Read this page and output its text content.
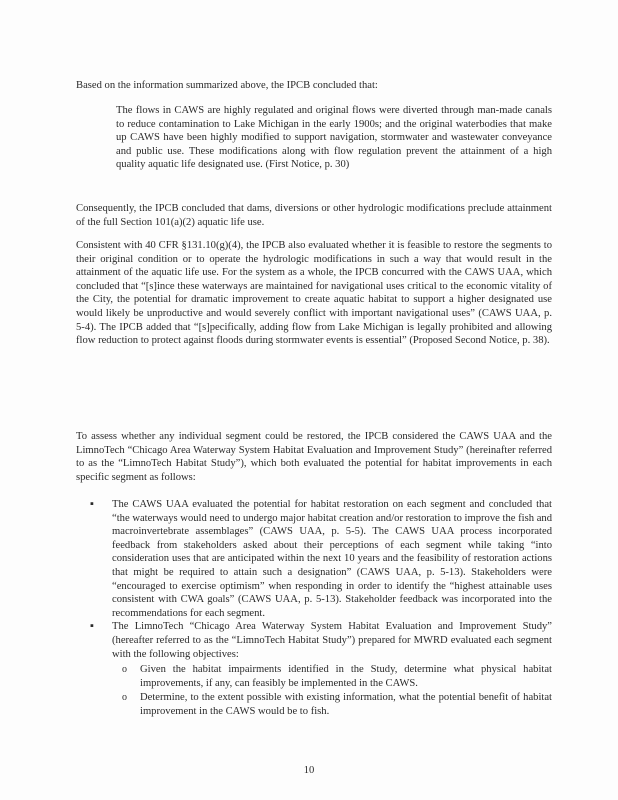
Based on the information summarized above, the IPCB concluded that:

The flows in CAWS are highly regulated and original flows were diverted through man-made canals to reduce contamination to Lake Michigan in the early 1900s; and the original waterbodies that make up CAWS have been highly modified to support navigation, stormwater and wastewater conveyance and public use. These modifications along with flow regulation prevent the attainment of a high quality aquatic life designated use. (First Notice, p. 30)

Consequently, the IPCB concluded that dams, diversions or other hydrologic modifications preclude attainment of the full Section 101(a)(2) aquatic life use.

Consistent with 40 CFR §131.10(g)(4), the IPCB also evaluated whether it is feasible to restore the segments to their original condition or to operate the hydrologic modifications in such a way that would result in the attainment of the aquatic life use. For the system as a whole, the IPCB concurred with the CAWS UAA, which concluded that “[s]ince these waterways are maintained for navigational uses critical to the economic vitality of the City, the potential for dramatic improvement to create aquatic habitat to support a higher designated use would likely be unproductive and would severely conflict with important navigational uses” (CAWS UAA, p. 5-4). The IPCB added that “[s]pecifically, adding flow from Lake Michigan is legally prohibited and allowing flow reduction to protect against floods during stormwater events is essential” (Proposed Second Notice, p. 38).

To assess whether any individual segment could be restored, the IPCB considered the CAWS UAA and the LimnoTech “Chicago Area Waterway System Habitat Evaluation and Improvement Study” (hereinafter referred to as the “LimnoTech Habitat Study”), which both evaluated the potential for habitat improvements in each specific segment as follows:

▪ The CAWS UAA evaluated the potential for habitat restoration on each segment and concluded that “the waterways would need to undergo major habitat creation and/or restoration to improve the fish and macroinvertebrate assemblages” (CAWS UAA, p. 5-5). The CAWS UAA process incorporated feedback from stakeholders asked about their perceptions of each segment while taking “into consideration uses that are anticipated within the next 10 years and the feasibility of restoration actions that might be required to attain such a designation” (CAWS UAA, p. 5-13). Stakeholders were “encouraged to exercise optimism” when responding in order to identify the “highest attainable uses consistent with CWA goals” (CAWS UAA, p. 5-13). Stakeholder feedback was incorporated into the recommendations for each segment.
▪ The LimnoTech “Chicago Area Waterway System Habitat Evaluation and Improvement Study” (hereafter referred to as the “LimnoTech Habitat Study”) prepared for MWRD evaluated each segment with the following objectives:
o Given the habitat impairments identified in the Study, determine what physical habitat improvements, if any, can feasibly be implemented in the CAWS.
o Determine, to the extent possible with existing information, what the potential benefit of habitat improvement in the CAWS would be to fish.
10
